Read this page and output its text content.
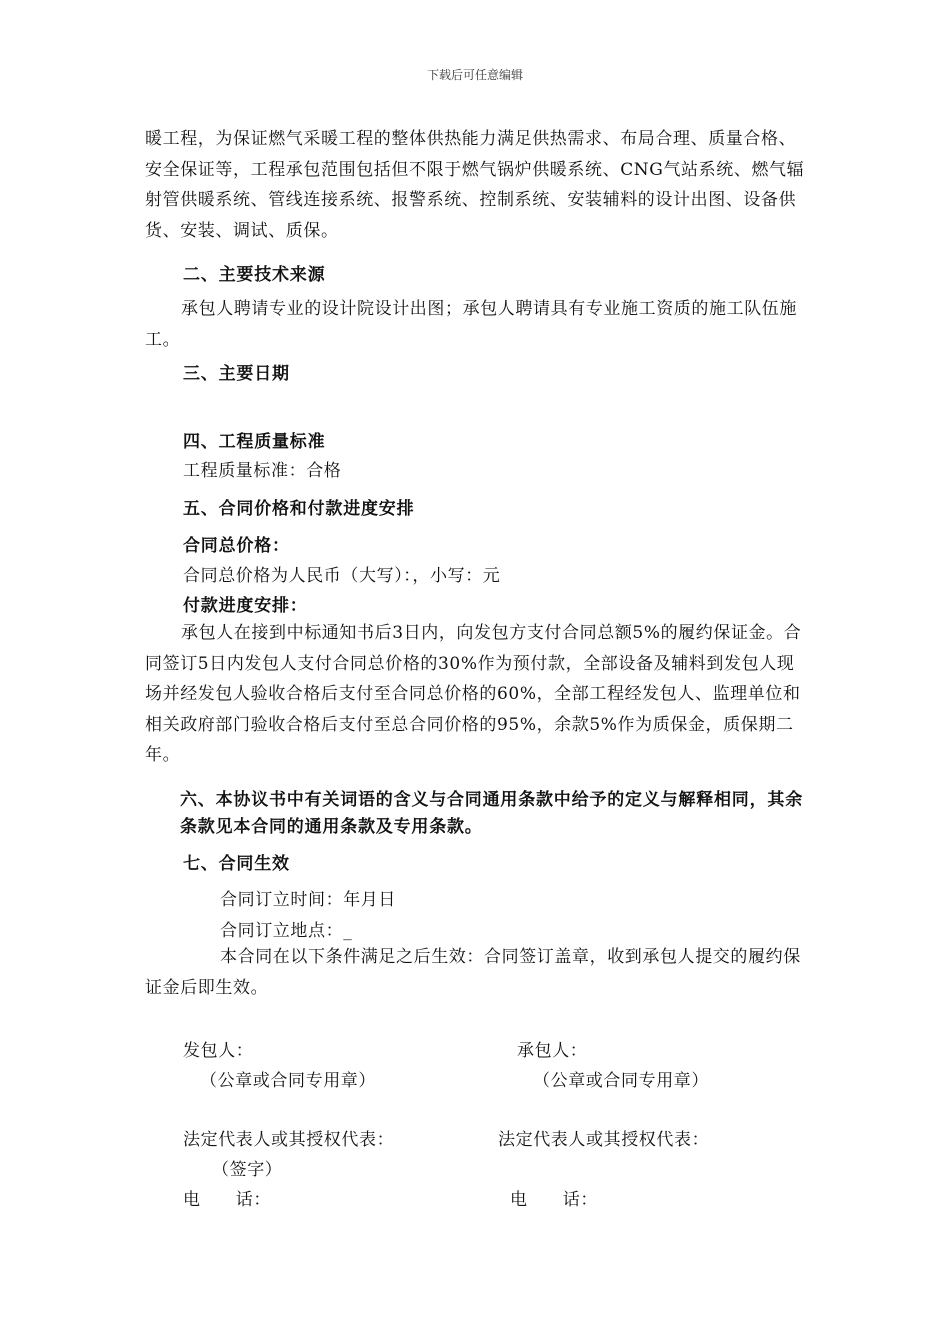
下载后可任意编辑
暖工程，为保证燃气采暖工程的整体供热能力满足供热需求、布局合理、质量合格、安全保证等，工程承包范围包括但不限于燃气锅炉供暖系统、CNG气站系统、燃气辐射管供暖系统、管线连接系统、报警系统、控制系统、安装辅料的设计出图、设备供货、安装、调试、质保。
二、主要技术来源
承包人聘请专业的设计院设计出图；承包人聘请具有专业施工资质的施工队伍施工。
三、主要日期
四、工程质量标准
工程质量标准：合格
五、合同价格和付款进度安排
合同总价格：
合同总价格为人民币（大写）：，小写：元
付款进度安排：
承包人在接到中标通知书后3日内，向发包方支付合同总额5%的履约保证金。合同签订5日内发包人支付合同总价格的30%作为预付款，全部设备及辅料到发包人现场并经发包人验收合格后支付至合同总价格的60%，全部工程经发包人、监理单位和相关政府部门验收合格后支付至总合同价格的95%，余款5%作为质保金，质保期二年。
六、本协议书中有关词语的含义与合同通用条款中给予的定义与解释相同，其余条款见本合同的通用条款及专用条款。
七、合同生效
合同订立时间：年月日
合同订立地点：_
本合同在以下条件满足之后生效：合同签订盖章，收到承包人提交的履约保证金后即生效。
发包人：
（公章或合同专用章）
承包人：
（公章或合同专用章）
法定代表人或其授权代表：
（签字）
法定代表人或其授权代表：
电　　话：	电　　话：
